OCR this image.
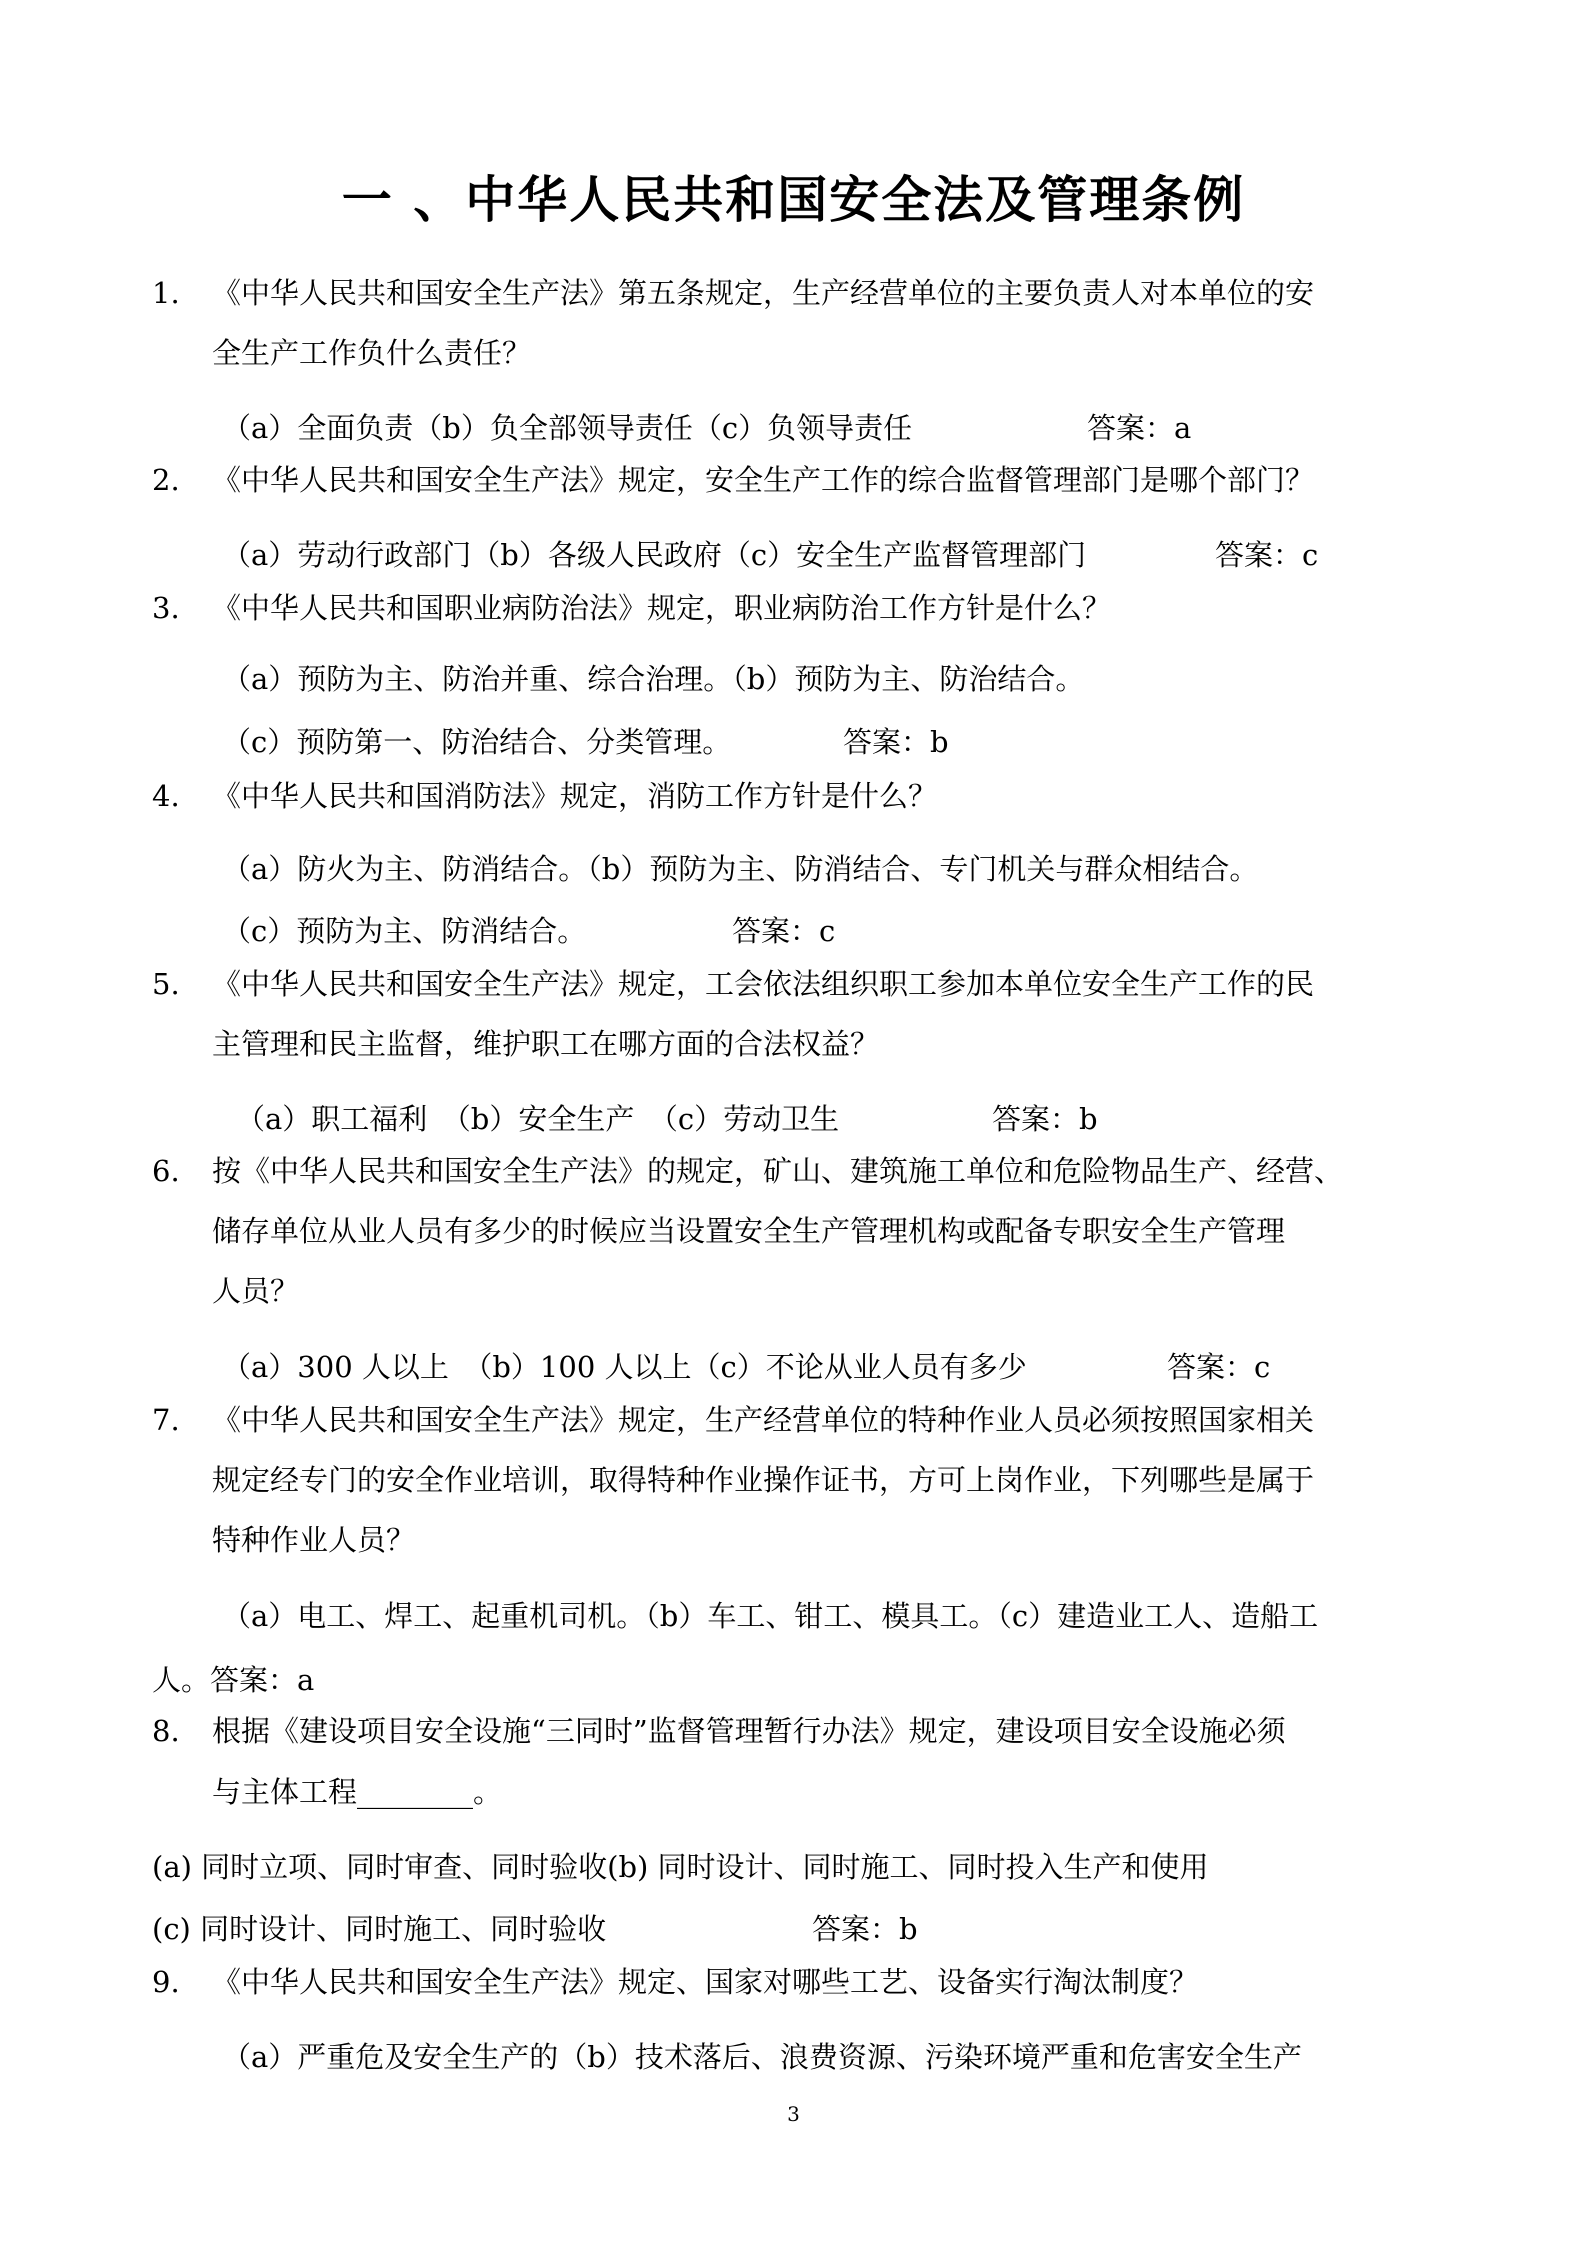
一 、中华人民共和国安全法及管理条例
1. 《中华人民共和国安全生产法》第五条规定，生产经营单位的主要负责人对本单位的安
全生产工作负什么责任？
（a）全面负责（b）负全部领导责任（c）负领导责任	答案：a
2. 《中华人民共和国安全生产法》规定，安全生产工作的综合监督管理部门是哪个部门？
（a）劳动行政部门（b）各级人民政府（c）安全生产监督管理部门	答案：c
3. 《中华人民共和国职业病防治法》规定，职业病防治工作方针是什么？
（a）预防为主、防治并重、综合治理。（b）预防为主、防治结合。
（c）预防第一、防治结合、分类管理。	答案：b
4. 《中华人民共和国消防法》规定，消防工作方针是什么？
（a）防火为主、防消结合。（b）预防为主、防消结合、专门机关与群众相结合。
（c）预防为主、防消结合。	答案：c
5. 《中华人民共和国安全生产法》规定，工会依法组织职工参加本单位安全生产工作的民
主管理和民主监督，维护职工在哪方面的合法权益？
（a）职工福利　（b）安全生产　（c）劳动卫生	答案：b
6. 按《中华人民共和国安全生产法》的规定，矿山、建筑施工单位和危险物品生产、经营、
储存单位从业人员有多少的时候应当设置安全生产管理机构或配备专职安全生产管理
人员？
（a）300 人以上　（b）100 人以上（c）不论从业人员有多少	答案：c
7. 《中华人民共和国安全生产法》规定，生产经营单位的特种作业人员必须按照国家相关
规定经专门的安全作业培训，取得特种作业操作证书，方可上岗作业，下列哪些是属于
特种作业人员？
（a）电工、焊工、起重机司机。（b）车工、钳工、模具工。（c）建造业工人、造船工
人。答案：a
8. 根据《建设项目安全设施“三同时”监督管理暂行办法》规定，建设项目安全设施必须
与主体工程________。
(a) 同时立项、同时审查、同时验收(b) 同时设计、同时施工、同时投入生产和使用
(c) 同时设计、同时施工、同时验收	答案：b
9. 《中华人民共和国安全生产法》规定、国家对哪些工艺、设备实行淘汰制度？
（a）严重危及安全生产的（b）技术落后、浪费资源、污染环境严重和危害安全生产
3
